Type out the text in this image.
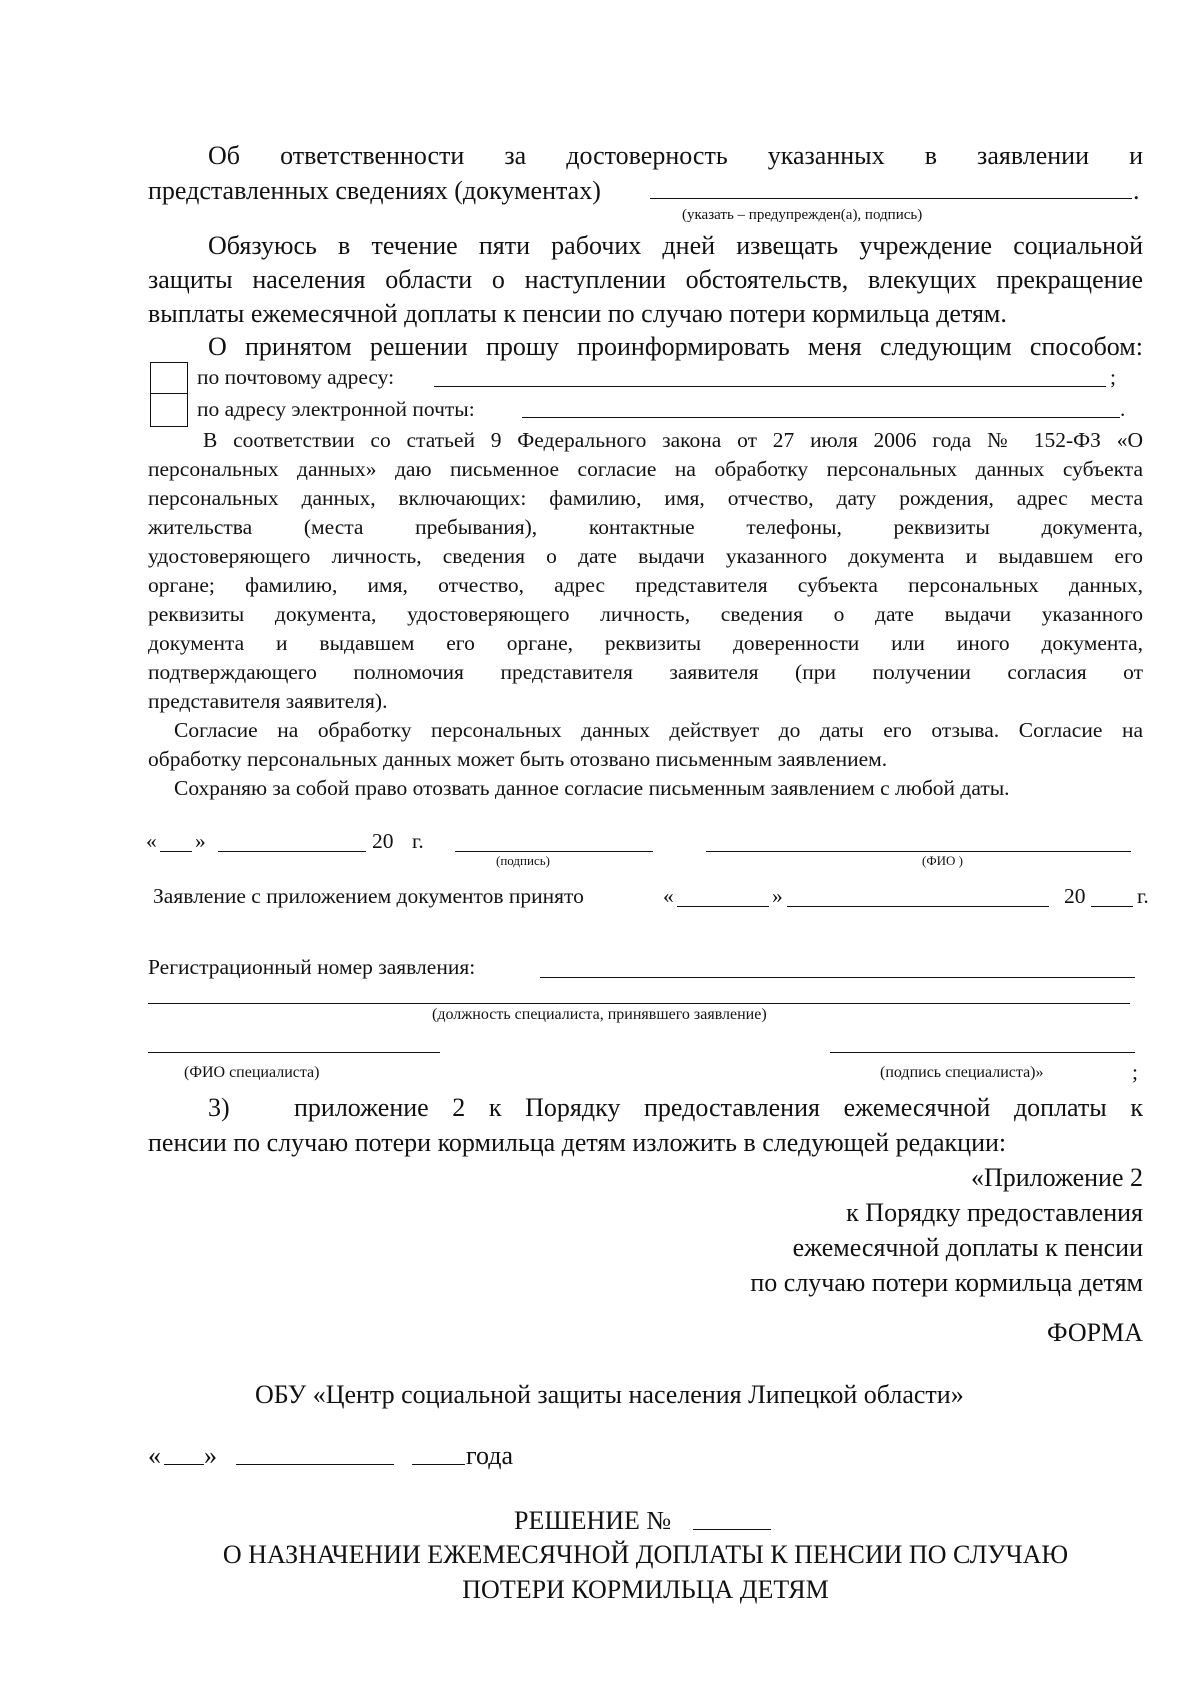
Об ответственности за достоверность указанных в заявлении и
представленных сведениях (документах)	.
(указать – предупрежден(а), подпись)
Обязуюсь в течение пяти рабочих дней извещать учреждение социальной
защиты населения области о наступлении обстоятельств, влекущих прекращение
выплаты ежемесячной доплаты к пенсии по случаю потери кормильца детям.
О принятом решении прошу проинформировать меня следующим способом:
по почтовому адресу:	;
по адресу электронной почты:	.
В соответствии со статьей 9 Федерального закона от 27 июля 2006 года № 152-ФЗ «О
персональных данных» даю письменное согласие на обработку персональных данных субъекта
персональных данных, включающих: фамилию, имя, отчество, дату рождения, адрес места
жительства (места пребывания), контактные телефоны, реквизиты документа,
удостоверяющего личность, сведения о дате выдачи указанного документа и выдавшем его
органе; фамилию, имя, отчество, адрес представителя субъекта персональных данных,
реквизиты документа, удостоверяющего личность, сведения о дате выдачи указанного
документа и выдавшем его органе, реквизиты доверенности или иного документа,
подтверждающего полномочия представителя заявителя (при получении согласия от
представителя заявителя).
Согласие на обработку персональных данных действует до даты его отзыва. Согласие на
обработку персональных данных может быть отозвано письменным заявлением.
Сохраняю за собой право отозвать данное согласие письменным заявлением с любой даты.
« »	20 г.
(подпись)	(ФИО )
Заявление с приложением документов принято	«	»	20 г.
Регистрационный номер заявления:
(должность специалиста, принявшего заявление)
(ФИО специалиста)	(подпись специалиста)»	;
3) приложение 2 к Порядку предоставления ежемесячной доплаты к
пенсии по случаю потери кормильца детям изложить в следующей редакции:
«Приложение 2
к Порядку предоставления
ежемесячной доплаты к пенсии
по случаю потери кормильца детям
ФОРМА
ОБУ «Центр социальной защиты населения Липецкой области»
« »	года
РЕШЕНИЕ №
О НАЗНАЧЕНИИ ЕЖЕМЕСЯЧНОЙ ДОПЛАТЫ К ПЕНСИИ ПО СЛУЧАЮ
ПОТЕРИ КОРМИЛЬЦА ДЕТЯМ
